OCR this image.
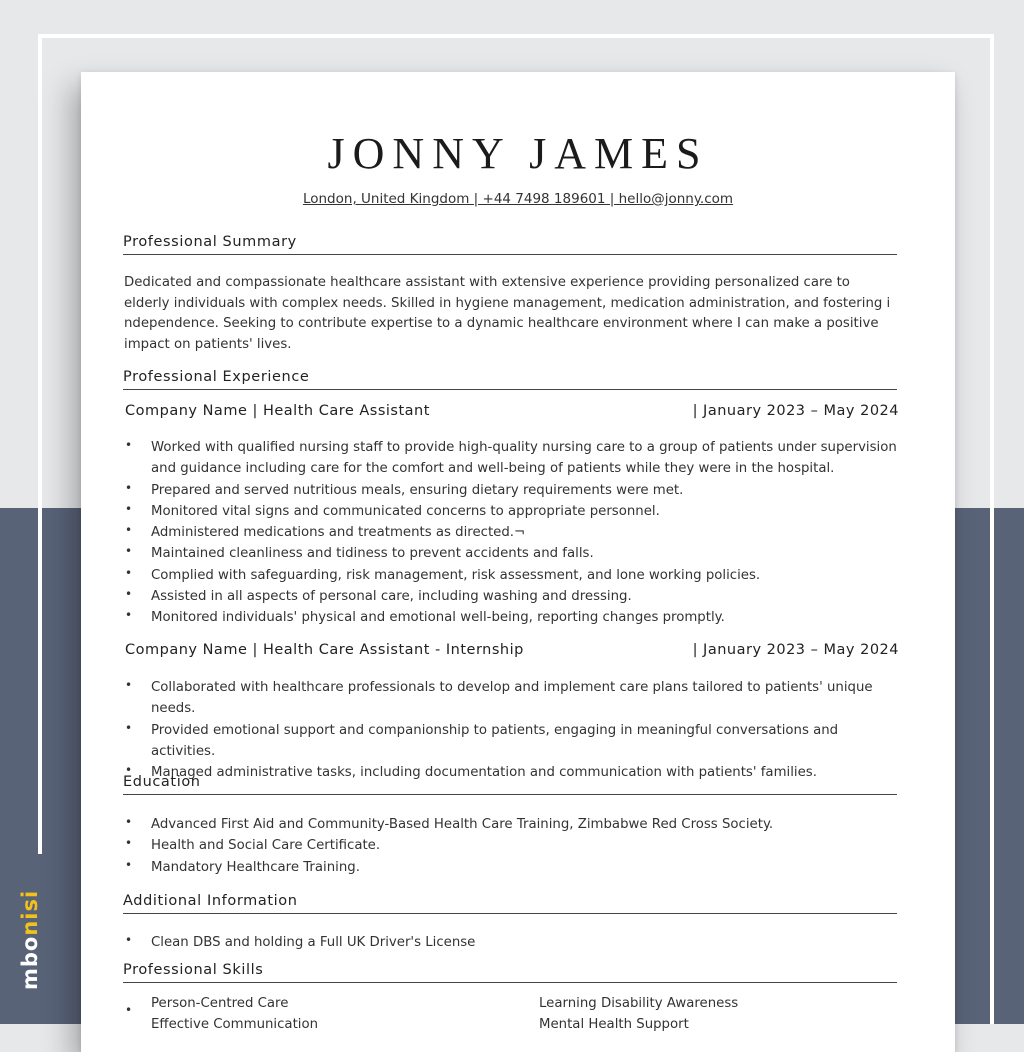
mbonisi
JONNY JAMES
London, United Kingdom | +44 7498 189601 | hello@jonny.com
Professional Summary
Dedicated and compassionate healthcare assistant with extensive experience providing personalized care to elderly individuals with complex needs. Skilled in hygiene management, medication administration, and fostering i ndependence. Seeking to contribute expertise to a dynamic healthcare environment where I can make a positive impact on patients' lives.
Professional Experience
Company Name | Health Care Assistant	| January 2023 – May 2024
• Worked with qualified nursing staff to provide high-quality nursing care to a group of patients under supervision and guidance including care for the comfort and well-being of patients while they were in the hospital.
• Prepared and served nutritious meals, ensuring dietary requirements were met.
• Monitored vital signs and communicated concerns to appropriate personnel.
• Administered medications and treatments as directed.¬
• Maintained cleanliness and tidiness to prevent accidents and falls.
• Complied with safeguarding, risk management, risk assessment, and lone working policies.
• Assisted in all aspects of personal care, including washing and dressing.
• Monitored individuals' physical and emotional well-being, reporting changes promptly.
Company Name | Health Care Assistant - Internship	| January 2023 – May 2024
• Collaborated with healthcare professionals to develop and implement care plans tailored to patients' unique needs.
• Provided emotional support and companionship to patients, engaging in meaningful conversations and activities.
• Managed administrative tasks, including documentation and communication with patients' families.
Education
• Advanced First Aid and Community-Based Health Care Training, Zimbabwe Red Cross Society.
• Health and Social Care Certificate.
• Mandatory Healthcare Training.
Additional Information
• Clean DBS and holding a Full UK Driver's License
Professional Skills
• Person-Centred Care
Effective Communication
Learning Disability Awareness
Mental Health Support
